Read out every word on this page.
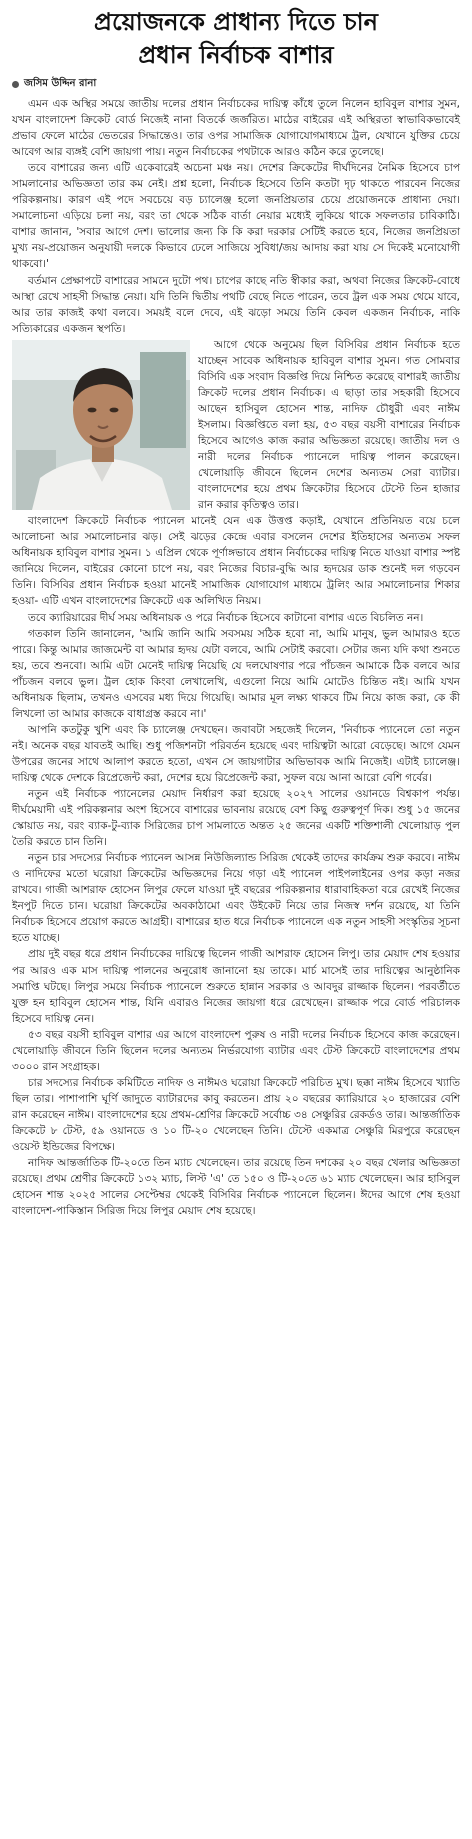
প্রয়োজনকে প্রাধান্য দিতে চান
প্রধান নির্বাচক বাশার
জসিম উদ্দিন রানা

এমন এক অস্থির সময়ে জাতীয় দলের প্রধান নির্বাচকের দায়িত্ব কাঁধে তুলে নিলেন হাবিবুল বাশার সুমন, যখন বাংলাদেশ ক্রিকেট বোর্ড নিজেই নানা বিতর্কে জর্জরিত। মাঠের বাইরের এই অস্থিরতা স্বাভাবিকভাবেই প্রভাব ফেলে মাঠের ভেতরের সিদ্ধান্তেও। তার ওপর সামাজিক যোগাযোগমাধ্যমে ট্রল, যেখানে যুক্তির চেয়ে আবেগ আর ব্যঙ্গই বেশি জায়গা পায়। নতুন নির্বাচকের পথটাকে আরও কঠিন করে তুলেছে।

তবে বাশারের জন্য এটি একেবারেই অচেনা মঞ্চ নয়। দেশের ক্রিকেটের দীর্ঘদিনের নৈমিক হিসেবে চাপ সামলানোর অভিজ্ঞতা তার কম নেই। প্রশ্ন হলো, নির্বাচক হিসেবে তিনি কতটা দৃঢ় থাকতে পারবেন নিজের পরিকল্পনায়। কারণ এই পদে সবচেয়ে বড় চ্যালেঞ্জ হলো জনপ্রিয়তার চেয়ে প্রয়োজনকে প্রাধান্য দেয়া। সমালোচনা এড়িয়ে চলা নয়, বরং তা থেকে সঠিক বার্তা নেয়ার মধ্যেই লুকিয়ে থাকে সফলতার চাবিকাঠি। বাশার জানান, 'সবার আগে দেশ। ভালোর জন্য কি কি করা দরকার সেটিই করতে হবে, নিজের জনপ্রিয়তা মুখ্য নয়-প্রয়োজন অনুযায়ী দলকে কিভাবে ঢেলে সাজিয়ে সুবিধা/জয় আদায় করা যায় সে দিকেই মনোযোগী থাকবো।'

বর্তমান প্রেক্ষাপটে বাশারের সামনে দুটো পথ। চাপের কাছে নতি স্বীকার করা, অথবা নিজের ক্রিকেট-বোধে আস্থা রেখে সাহসী সিদ্ধান্ত নেয়া। যদি তিনি দ্বিতীয় পথটি বেছে নিতে পারেন, তবে ট্রল এক সময় থেমে যাবে, আর তার কাজই কথা বলবে। সময়ই বলে দেবে, এই ঝড়ো সময়ে তিনি কেবল একজন নির্বাচক, নাকি সত্যিকারের একজন স্থপতি।

আগে থেকে অনুমেয় ছিল বিসিবির প্রধান নির্বাচক হতে যাচ্ছেন সাবেক অধিনায়ক হাবিবুল বাশার সুমন। গত সোমবার বিসিবি এক সংবাদ বিজ্ঞপ্তি দিয়ে নিশ্চিত করেছে বাশারই জাতীয় ক্রিকেট দলের প্রধান নির্বাচক। এ ছাড়া তার সহকারী হিসেবে আছেন হাসিবুল হোসেন শান্ত, নাদিফ চৌধুরী এবং নাঈম ইসলাম। বিজ্ঞপ্তিতে বলা হয়, ৫৩ বছর বয়সী বাশারের নির্বাচক হিসেবে আগেও কাজ করার অভিজ্ঞতা রয়েছে। জাতীয় দল ও নারী দলের নির্বাচক প্যানেলে দায়িত্ব পালন করেছেন। খেলোয়াড়ি জীবনে ছিলেন দেশের অন্যতম সেরা ব্যাটার। বাংলাদেশের হয়ে প্রথম ক্রিকেটার হিসেবে টেস্টে তিন হাজার রান করার কৃতিত্বও তার।

বাংলাদেশ ক্রিকেটে নির্বাচক প্যানেল মানেই যেন এক উত্তপ্ত কড়াই, যেখানে প্রতিনিয়ত বয়ে চলে আলোচনা আর সমালোচনার ঝড়। সেই ঝড়ের কেন্দ্রে এবার বসলেন দেশের ইতিহাসের অন্যতম সফল অধিনায়ক হাবিবুল বাশার সুমন। ১ এপ্রিল থেকে পূর্ণাঙ্গভাবে প্রধান নির্বাচকের দায়িত্ব নিতে যাওয়া বাশার স্পষ্ট জানিয়ে দিলেন, বাইরের কোনো চাপে নয়, বরং নিজের বিচার-বুদ্ধি আর হৃদয়ের ডাক শুনেই দল গড়বেন তিনি। বিসিবির প্রধান নির্বাচক হওয়া মানেই সামাজিক যোগাযোগ মাধ্যমে ট্রলিং আর সমালোচনার শিকার হওয়া- এটি এখন বাংলাদেশের ক্রিকেটে এক অলিখিত নিয়ম।

তবে ক্যারিয়ারের দীর্ঘ সময় অধিনায়ক ও পরে নির্বাচক হিসেবে কাটানো বাশার এতে বিচলিত নন।

গতকাল তিনি জানালেন, 'আমি জানি আমি সবসময় সঠিক হবো না, আমি মানুষ, ভুল আমারও হতে পারে। কিন্তু আমার জাজমেন্ট বা আমার হৃদয় যেটা বলবে, আমি সেটাই করবো। সেটার জন্য যদি কথা শুনতে হয়, তবে শুনবো। আমি এটা মেনেই দায়িত্ব নিয়েছি যে দলঘোষণার পরে পাঁচজন আমাকে ঠিক বলবে আর পাঁচজন বলবে ভুল। ট্রল হোক কিংবা লেখালেখি, এগুলো নিয়ে আমি মোটেও চিন্তিত নই। আমি যখন অধিনায়ক ছিলাম, তখনও এসবের মধ্য দিয়ে গিয়েছি। আমার মূল লক্ষ্য থাকবে টিম নিয়ে কাজ করা, কে কী লিখলো তা আমার কাজকে বাধাগ্রস্ত করবে না।'

আপনি কতটুকু খুশি এবং কি চ্যালেঞ্জ দেখছেন। জবাবটা সহজেই দিলেন, 'নির্বাচক প্যানেলে তো নতুন নই। অনেক বছর যাবতই আছি। শুধু পজিশনটা পরিবর্তন হয়েছে এবং দায়িত্বটা আরো বেড়েছে। আগে যেমন উপরের জনের সাথে আলাপ করতে হতো, এখন সে জায়গাটার অভিভাবক আমি নিজেই। এটাই চ্যালেঞ্জ। দায়িত্ব থেকে দেশকে রিপ্রেজেন্ট করা, দেশের হয়ে রিপ্রেজেন্ট করা, সুফল বয়ে আনা আরো বেশি গর্বের।

নতুন এই নির্বাচক প্যানেলের মেয়াদ নির্ধারণ করা হয়েছে ২০২৭ সালের ওয়ানডে বিশ্বকাপ পর্যন্ত। দীর্ঘমেয়াদী এই পরিকল্পনার অংশ হিসেবে বাশারের ভাবনায় রয়েছে বেশ কিছু গুরুত্বপূর্ণ দিক। শুধু ১৫ জনের স্কোয়াড নয়, বরং ব্যাক-টু-ব্যাক সিরিজের চাপ সামলাতে অন্তত ২৫ জনের একটি শক্তিশালী খেলোয়াড় পুল তৈরি করতে চান তিনি।

নতুন চার সদস্যের নির্বাচক প্যানেল আসন্ন নিউজিল্যান্ড সিরিজ থেকেই তাদের কার্যক্রম শুরু করবে। নাঈম ও নাদিফের মতো ঘরোয়া ক্রিকেটের অভিজ্ঞদের নিয়ে গড়া এই প্যানেল পাইপলাইনের ওপর কড়া নজর রাখবে। গাজী আশরাফ হোসেন লিপুর ফেলে যাওয়া দুই বছরের পরিকল্পনার ধারাবাহিকতা বরে রেখেই নিজের ইনপুট দিতে চান। ঘরোয়া ক্রিকেটের অবকাঠামো এবং উইকেট নিয়ে তার নিজস্ব দর্শন রয়েছে, যা তিনি নির্বাচক হিসেবে প্রয়োগ করতে আগ্রহী। বাশারের হাত ধরে নির্বাচক প্যানেলে এক নতুন সাহসী সংস্কৃতির সূচনা হতে যাচ্ছে।

প্রায় দুই বছর ধরে প্রধান নির্বাচকের দায়িত্বে ছিলেন গাজী আশরাফ হোসেন লিপু। তার মেয়াদ শেষ হওয়ার পর আরও এক মাস দায়িত্ব পালনের অনুরোধ জানানো হয় তাকে। মার্চ মাসেই তার দায়িত্বের আনুষ্ঠানিক সমাপ্তি ঘটছে। লিপুর সময়ে নির্বাচক প্যানেলে শুরুতে হান্নান সরকার ও আবদুর রাজ্জাক ছিলেন। পরবর্তীতে যুক্ত হন হাবিবুল হোসেন শান্ত, যিনি এবারও নিজের জায়গা ধরে রেখেছেন। রাজ্জাক পরে বোর্ড পরিচালক হিসেবে দায়িত্ব নেন।

৫৩ বছর বয়সী হাবিবুল বাশার এর আগে বাংলাদেশ পুরুষ ও নারী দলের নির্বাচক হিসেবে কাজ করেছেন। খেলোয়াড়ি জীবনে তিনি ছিলেন দলের অন্যতম নির্ভরযোগ্য ব্যাটার এবং টেস্ট ক্রিকেটে বাংলাদেশের প্রথম ৩০০০ রান সংগ্রাহক।

চার সদস্যের নির্বাচক কমিটিতে নাদিফ ও নাঈমও ঘরোয়া ক্রিকেটে পরিচিত মুখ। ছক্কা নাঈম হিসেবে খ্যাতি ছিল তার। পাশাপাশি ঘূর্ণি জাদুতে ব্যাটারদের কাবু করতেন। প্রায় ২০ বছরের ক্যারিয়ারে ২০ হাজারের বেশি রান করেছেন নাঈম। বাংলাদেশের হয়ে প্রথম-শ্রেণির ক্রিকেটে সর্বোচ্চ ৩৪ সেঞ্চুরির রেকর্ডও তার। আন্তর্জাতিক ক্রিকেটে ৮ টেস্ট, ৫৯ ওয়ানডে ও ১০ টি-২০ খেলেছেন তিনি। টেস্টে একমাত্র সেঞ্চুরি মিরপুরে করেছেন ওয়েস্ট ইন্ডিজের বিপক্ষে।

নাদিফ আন্তর্জাতিক টি-২০তে তিন ম্যাচ খেলেছেন। তার রয়েছে তিন দশকের ২০ বছর খেলার অভিজ্ঞতা রয়েছে। প্রথম শ্রেণীর ক্রিকেটে ১৩২ ম্যাচ, লিস্ট 'এ' তে ১৫০ ও টি-২০তে ৬১ ম্যাচ খেলেছেন। আর হাসিবুল হোসেন শান্ত ২০২৫ সালের সেপ্টেম্বর থেকেই বিসিবির নির্বাচক প্যানেলে ছিলেন। ঈদের আগে শেষ হওয়া বাংলাদেশ-পাকিস্তান সিরিজ দিয়ে লিপুর মেয়াদ শেষ হয়েছে।
